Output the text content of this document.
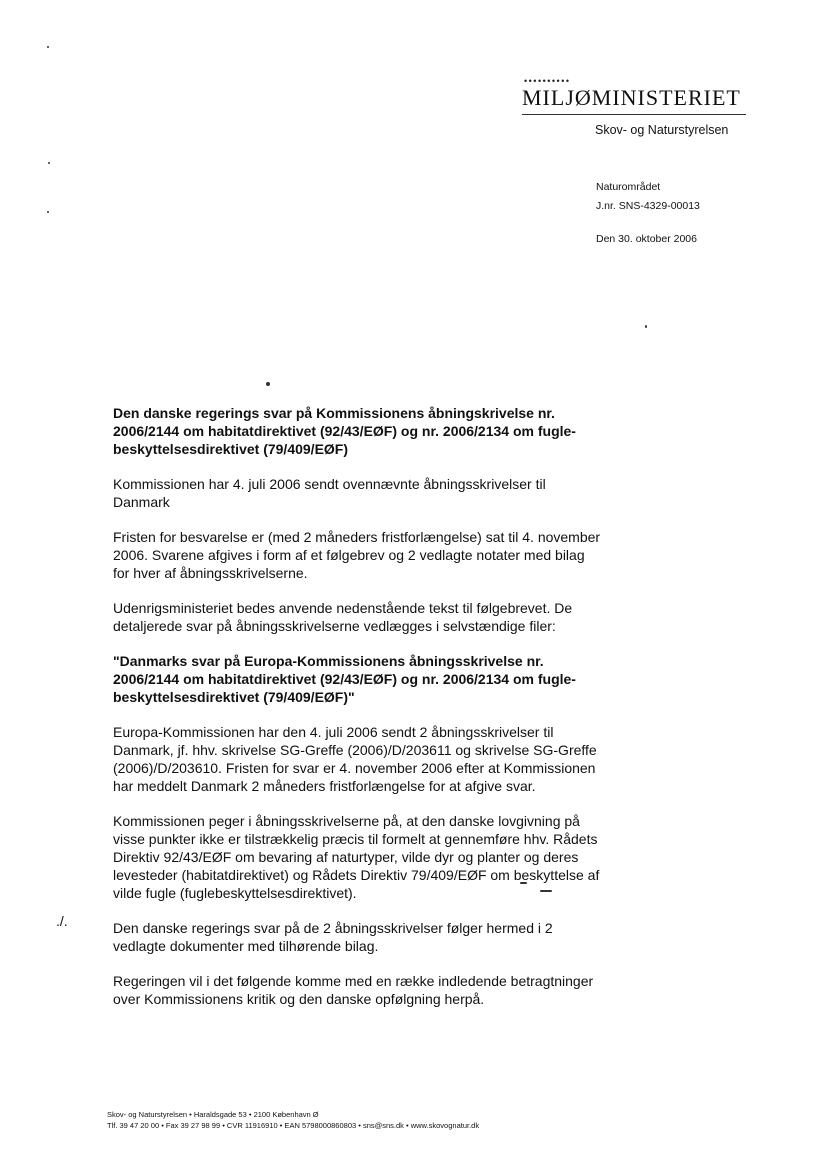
••••••••••
MILJØMINISTERIET
Skov- og Naturstyrelsen
Naturområdet
J.nr. SNS-4329-00013
Den 30. oktober 2006

Den danske regerings svar på Kommissionens åbningskrivelse nr. 2006/2144 om habitatdirektivet (92/43/EØF) og nr. 2006/2134 om fugle-beskyttelsesdirektivet (79/409/EØF)

Kommissionen har 4. juli 2006 sendt ovennævnte åbningsskrivelser til Danmark

Fristen for besvarelse er (med 2 måneders fristforlængelse) sat til 4. november 2006. Svarene afgives i form af et følgebrev og 2 vedlagte notater med bilag for hver af åbningsskrivelserne.

Udenrigsministeriet bedes anvende nedenstående tekst til følgebrevet. De detaljerede svar på åbningsskrivelserne vedlægges i selvstændige filer:

"Danmarks svar på Europa-Kommissionens åbningsskrivelse nr. 2006/2144 om habitatdirektivet (92/43/EØF) og nr. 2006/2134 om fugle-beskyttelsesdirektivet (79/409/EØF)"

Europa-Kommissionen har den 4. juli 2006 sendt 2 åbningsskrivelser til Danmark, jf. hhv. skrivelse SG-Greffe (2006)/D/203611 og skrivelse SG-Greffe (2006)/D/203610. Fristen for svar er 4. november 2006 efter at Kommissionen har meddelt Danmark 2 måneders fristforlængelse for at afgive svar.

Kommissionen peger i åbningsskrivelserne på, at den danske lovgivning på visse punkter ikke er tilstrækkelig præcis til formelt at gennemføre hhv. Rådets Direktiv 92/43/EØF om bevaring af naturtyper, vilde dyr og planter og deres levesteder (habitatdirektivet) og Rådets Direktiv 79/409/EØF om beskyttelse af vilde fugle (fuglebeskyttelsesdirektivet).

Den danske regerings svar på de 2 åbningsskrivelser følger hermed i 2 vedlagte dokumenter med tilhørende bilag.

Regeringen vil i det følgende komme med en række indledende betragtninger over Kommissionens kritik og den danske opfølgning herpå.

./.
Skov- og Naturstyrelsen • Haraldsgade 53 • 2100 København Ø
Tlf. 39 47 20 00 • Fax 39 27 98 99 • CVR 11916910 • EAN 5798000860803 • sns@sns.dk • www.skovognatur.dk
